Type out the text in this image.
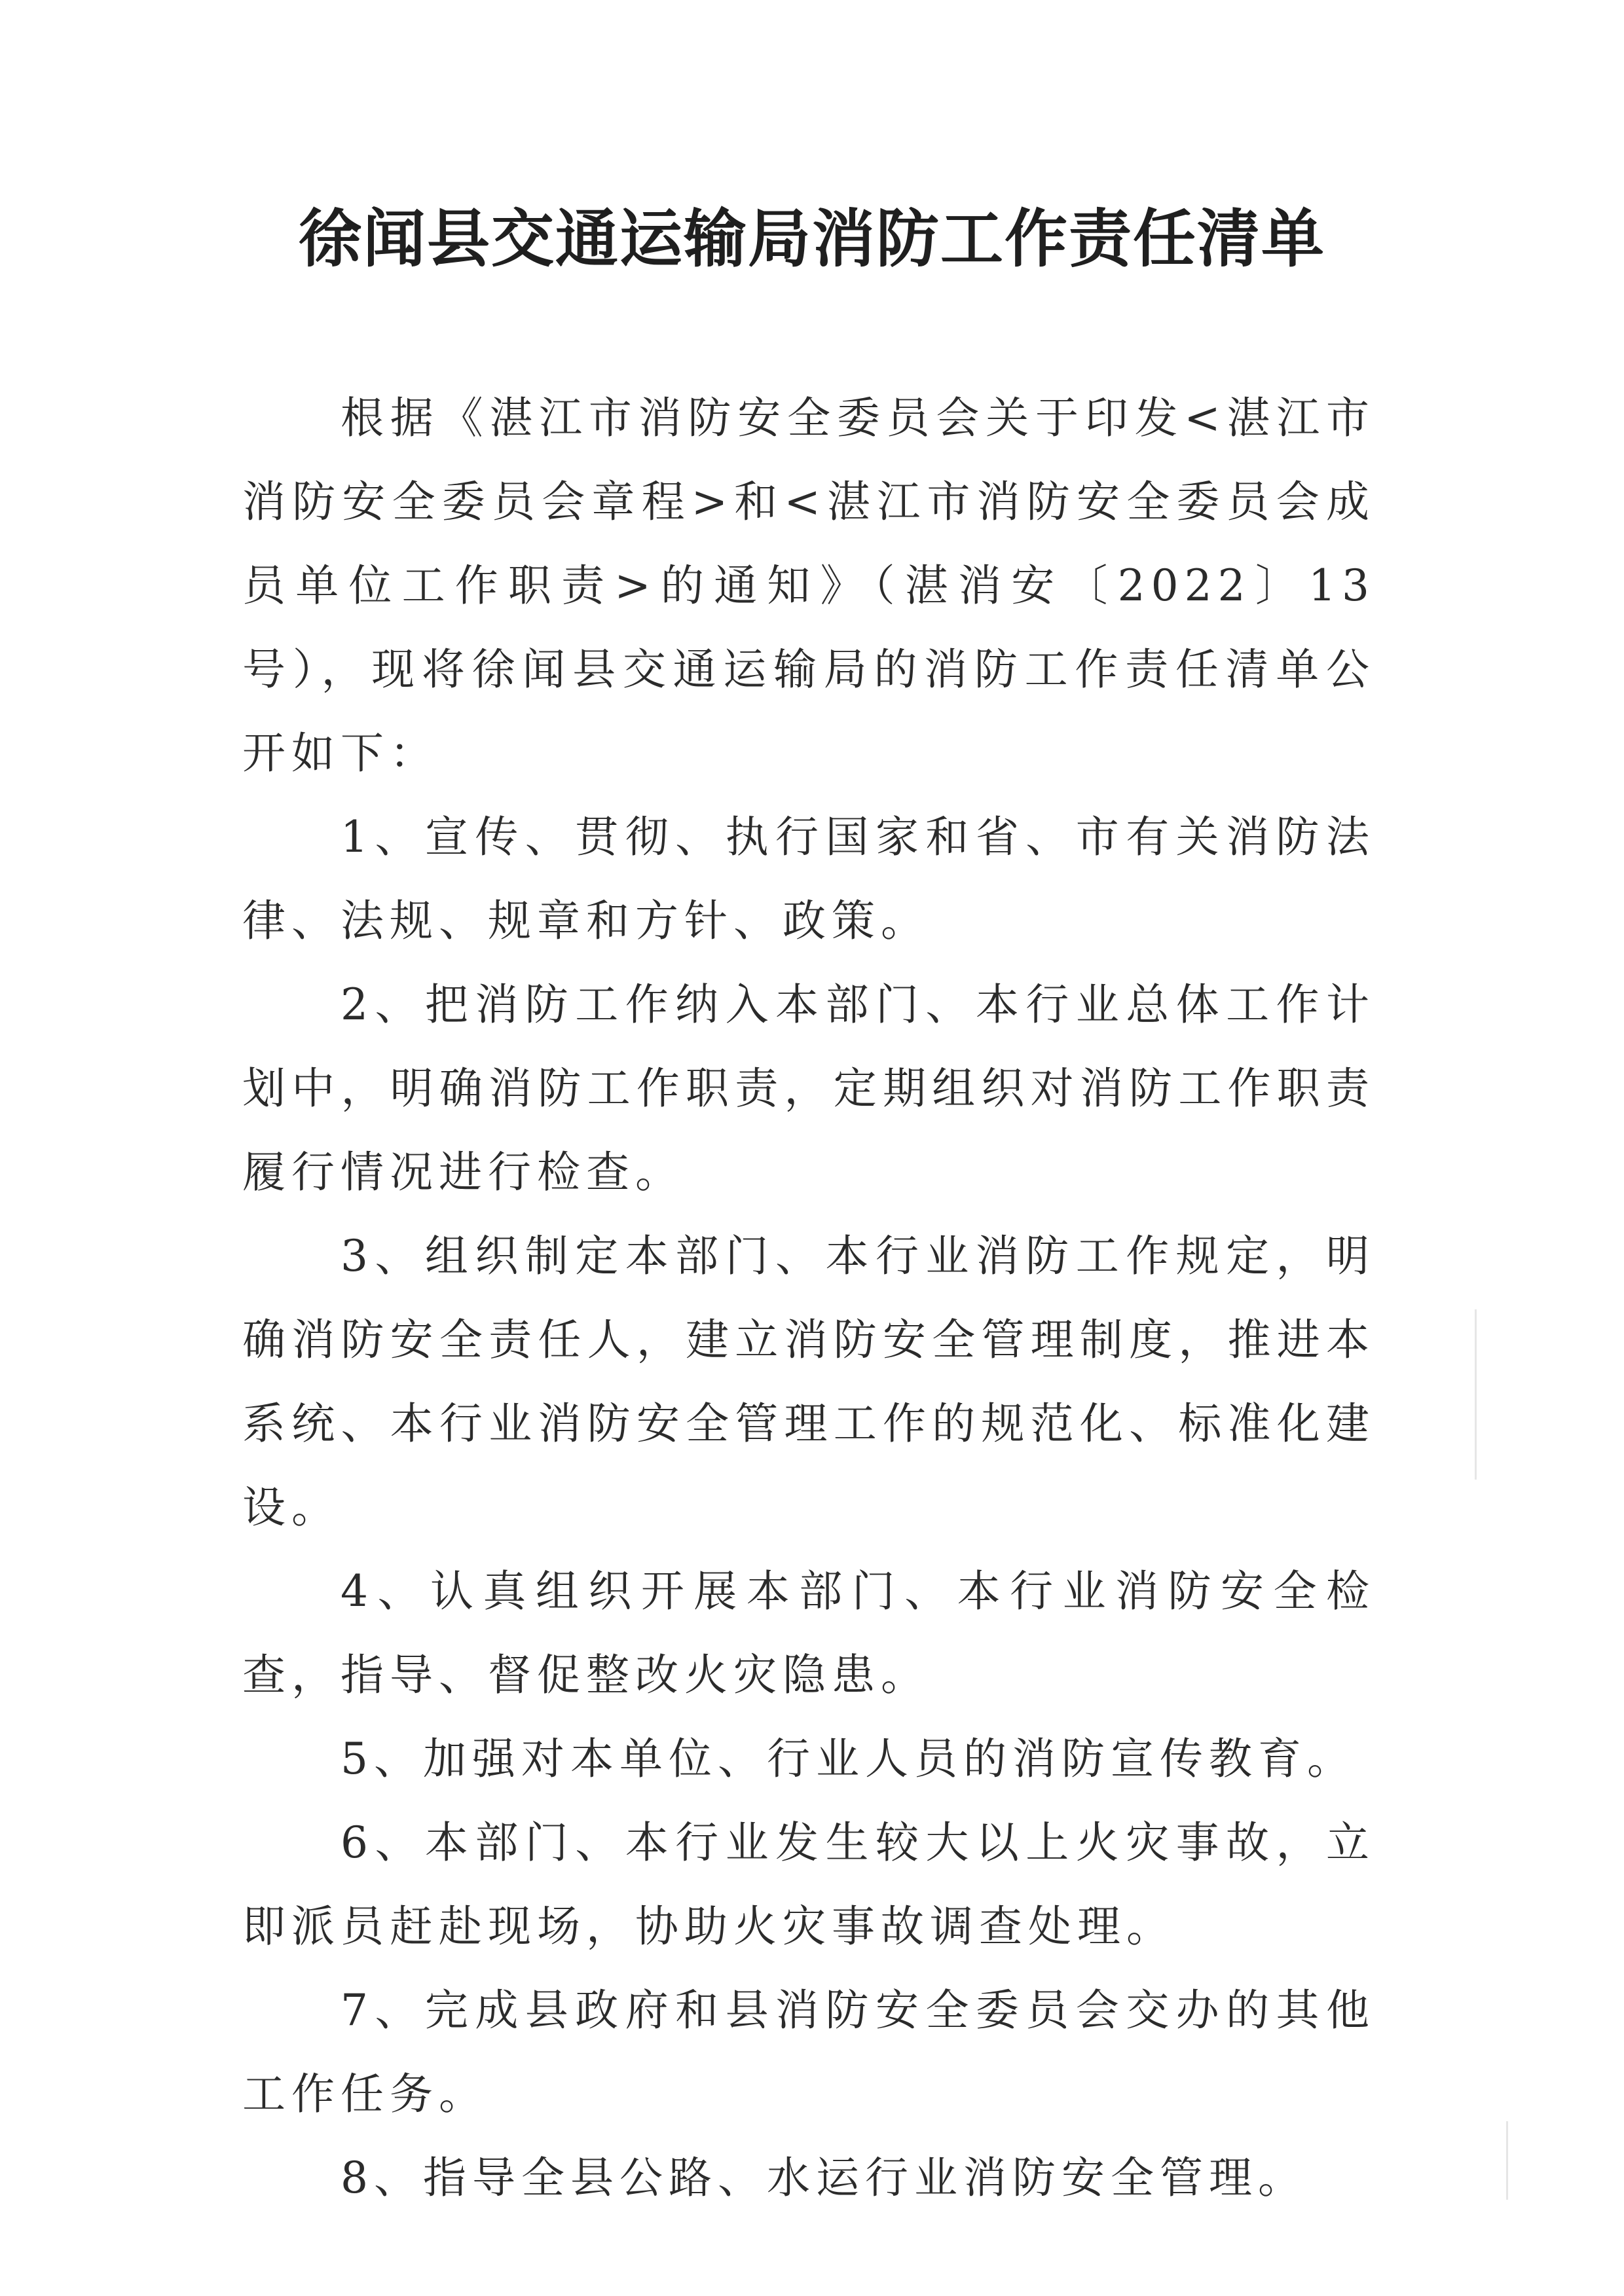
徐闻县交通运输局消防工作责任清单

根据《湛江市消防安全委员会关于印发<湛江市消防安全委员会章程>和<湛江市消防安全委员会成员单位工作职责>的通知》（湛消安〔2022〕13号），现将徐闻县交通运输局的消防工作责任清单公开如下：

1、宣传、贯彻、执行国家和省、市有关消防法律、法规、规章和方针、政策。

2、把消防工作纳入本部门、本行业总体工作计划中，明确消防工作职责，定期组织对消防工作职责履行情况进行检查。

3、组织制定本部门、本行业消防工作规定，明确消防安全责任人，建立消防安全管理制度，推进本系统、本行业消防安全管理工作的规范化、标准化建设。

4、认真组织开展本部门、本行业消防安全检查，指导、督促整改火灾隐患。

5、加强对本单位、行业人员的消防宣传教育。

6、本部门、本行业发生较大以上火灾事故，立即派员赶赴现场，协助火灾事故调查处理。

7、完成县政府和县消防安全委员会交办的其他工作任务。

8、指导全县公路、水运行业消防安全管理。
